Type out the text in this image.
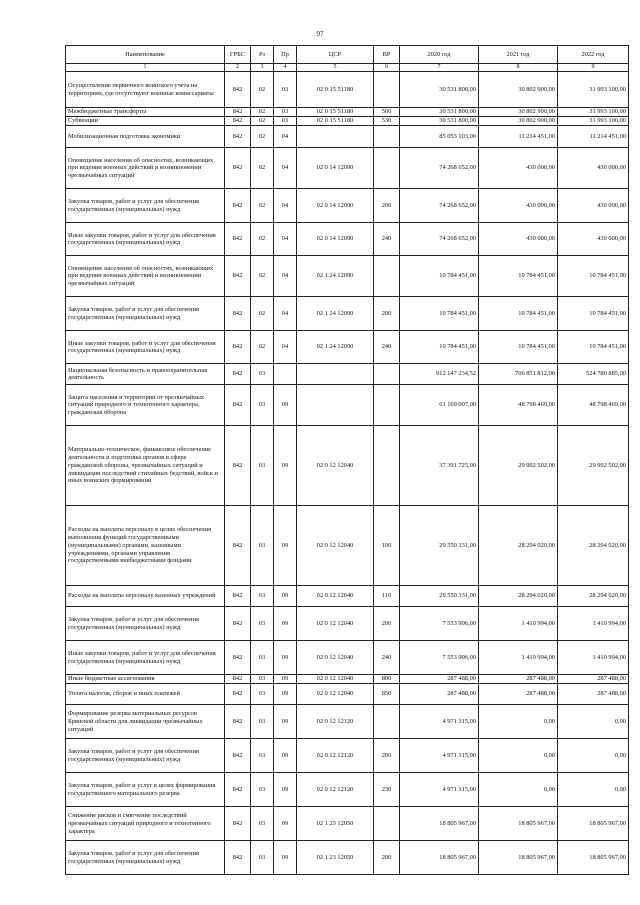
97
Наименование	ГРБС	Рз	Пр	ЦСР	ВР	2020 год	2021 год	2022 год
1	2	3	4	5	6	7	8	9
Осуществление первичного воинского учета на территориях, где отсутствуют военные комиссариаты	842	02	03	02 0 15 51180		30 531 800,00	30 802 900,00	31 993 100,00
Межбюджетные трансферты	842	02	03	02 0 15 51180	500	30 531 800,00	30 802 900,00	31 993 100,00
Субвенции	842	02	03	02 0 15 51180	530	30 531 800,00	30 802 900,00	31 993 100,00
Мобилизационная подготовка экономики	842	02	04			85 053 103,00	11 214 451,00	11 214 451,00
Оповещение населения об опасностях, возникающих при ведении военных действий и возникновении чрезвычайных ситуаций	842	02	04	02 0 14 12090		74 268 652,00	430 000,00	430 000,00
Закупка товаров, работ и услуг для обеспечения государственных (муниципальных) нужд	842	02	04	02 0 14 12090	200	74 268 652,00	430 000,00	430 000,00
Иные закупки товаров, работ и услуг для обеспечения государственных (муниципальных) нужд	842	02	04	02 0 14 12090	240	74 268 652,00	430 000,00	430 000,00
Оповещение населения об опасностях, возникающих при ведении военных действий и возникновении чрезвычайных ситуаций	842	02	04	02 1 24 12090		10 784 451,00	10 784 451,00	10 784 451,00
Закупка товаров, работ и услуг для обеспечения государственных (муниципальных) нужд	842	02	04	02 1 24 12090	200	10 784 451,00	10 784 451,00	10 784 451,00
Иные закупки товаров, работ и услуг для обеспечения государственных (муниципальных) нужд	842	02	04	02 1 24 12090	240	10 784 451,00	10 784 451,00	10 784 451,00
Национальная безопасность и правоохранительная деятельность	842	03				912 147 234,52	706 851 812,00	524 780 885,00
Защита населения и территории от чрезвычайных ситуаций природного и техногенного характера, гражданская оборона	842	03	09			61 169 007,00	48 798 469,00	48 798 469,00
Материально-техническое, финансовое обеспечение деятельности и подготовка органов в сфере гражданской обороны, чрезвычайных ситуаций и ликвидации последствий стихийных бедствий, войск и иных воинских формирований	842	03	09	02 0 12 12040		37 391 725,00	29 992 502,00	29 992 502,00
Расходы на выплаты персоналу в целях обеспечения выполнения функций государственными (муниципальными) органами, казенными учреждениями, органами управления государственными внебюджетными фондами	842	03	09	02 0 12 12040	100	29 550 331,00	28 294 020,00	28 294 020,00
Расходы на выплаты персоналу казенных учреждений	842	03	09	02 0 12 12040	110	29 550 331,00	28 294 020,00	28 294 020,00
Закупка товаров, работ и услуг для обеспечения государственных (муниципальных) нужд	842	03	09	02 0 12 12040	200	7 553 906,00	1 410 994,00	1 410 994,00
Иные закупки товаров, работ и услуг для обеспечения государственных (муниципальных) нужд	842	03	09	02 0 12 12040	240	7 553 906,00	1 410 994,00	1 410 994,00
Иные бюджетные ассигнования	842	03	09	02 0 12 12040	800	287 488,00	287 488,00	287 488,00
Уплата налогов, сборов и иных платежей	842	03	09	02 0 12 12040	850	287 488,00	287 488,00	287 488,00
Формирование резерва материальных ресурсов Брянской области для ликвидации чрезвычайных ситуаций	842	03	09	02 0 12 12120		4 971 315,00	0,00	0,00
Закупка товаров, работ и услуг для обеспечения государственных (муниципальных) нужд	842	03	09	02 0 12 12120	200	4 971 315,00	0,00	0,00
Закупка товаров, работ и услуг в целях формирования государственного материального резерва	842	03	09	02 0 12 12120	230	4 971 315,00	0,00	0,00
Снижение рисков и смягчение последствий чрезвычайных ситуаций природного и техногенного характера	842	03	09	02 1 23 12050		18 805 967,00	18 805 967,00	18 805 967,00
Закупка товаров, работ и услуг для обеспечения государственных (муниципальных) нужд	842	03	09	02 1 23 12050	200	18 805 967,00	18 805 967,00	18 805 967,00
